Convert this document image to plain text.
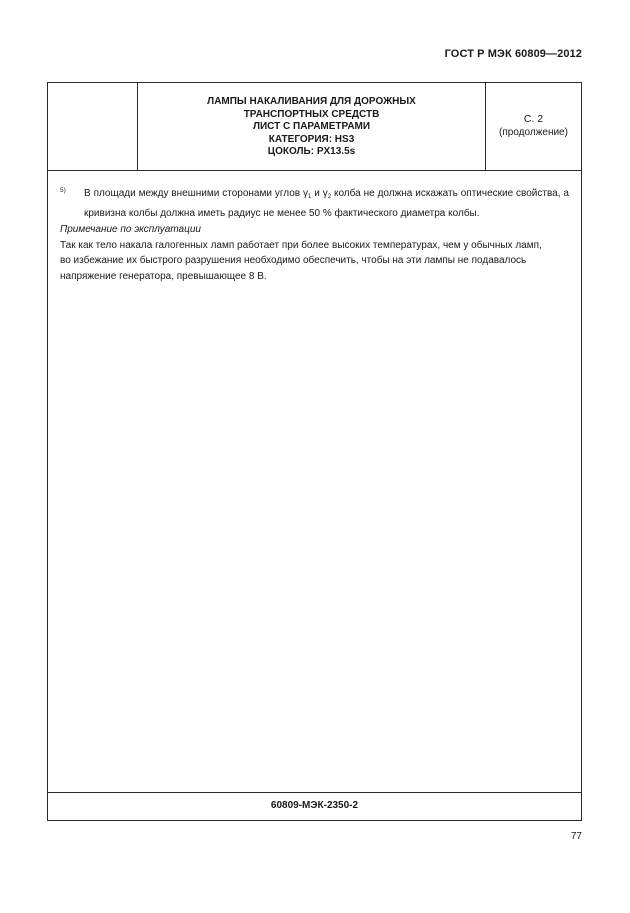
ГОСТ Р МЭК 60809—2012
ЛАМПЫ НАКАЛИВАНИЯ ДЛЯ ДОРОЖНЫХ
ТРАНСПОРТНЫХ СРЕДСТВ
ЛИСТ С ПАРАМЕТРАМИ
КАТЕГОРИЯ: HS3
ЦОКОЛЬ: PX13.5s
С. 2
(продолжение)
5) В площади между внешними сторонами углов $\gamma_1$ и $\gamma_2$ колба не должна искажать оптические свойства, а кривизна колбы должна иметь радиус не менее 50 % фактического диаметра колбы.
Примечание по эксплуатации
Так как тело накала галогенных ламп работает при более высоких температурах, чем у обычных ламп,
во избежание их быстрого разрушения необходимо обеспечить, чтобы на эти лампы не подавалось
напряжение генератора, превышающее 8 В.
60809-МЭК-2350-2
77
